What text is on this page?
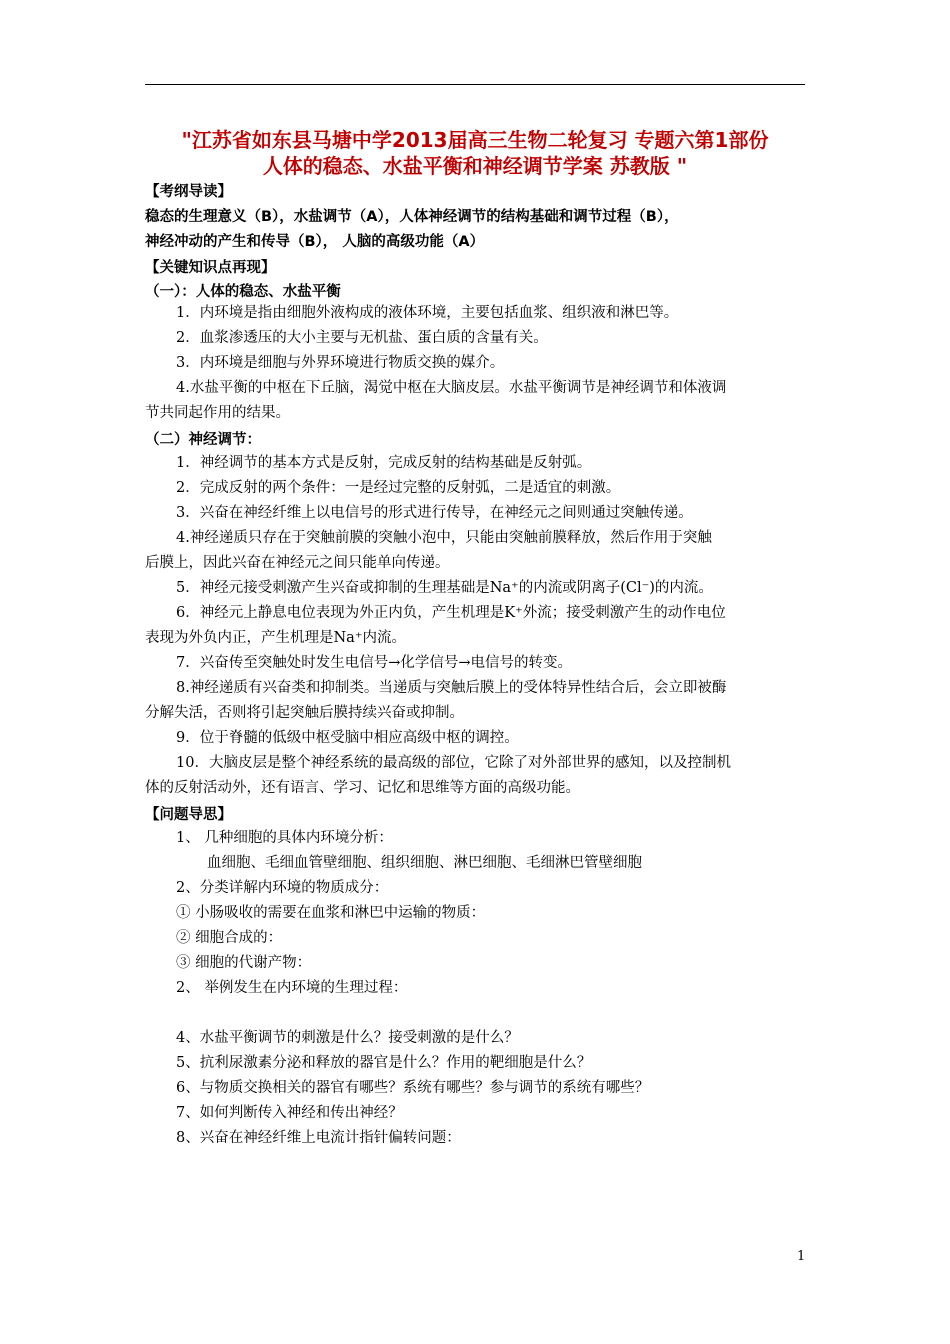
"江苏省如东县马塘中学2013届高三生物二轮复习 专题六第1部份
人体的稳态、水盐平衡和神经调节学案 苏教版 "
【考纲导读】
稳态的生理意义（B），水盐调节（A），人体神经调节的结构基础和调节过程（B），
神经冲动的产生和传导（B）， 人脑的高级功能（A）
【关键知识点再现】
（一）：人体的稳态、水盐平衡
1．内环境是指由细胞外液构成的液体环境，主要包括血浆、组织液和淋巴等。
2．血浆渗透压的大小主要与无机盐、蛋白质的含量有关。
3．内环境是细胞与外界环境进行物质交换的媒介。
4.水盐平衡的中枢在下丘脑，渴觉中枢在大脑皮层。水盐平衡调节是神经调节和体液调
节共同起作用的结果。
（二）神经调节：
1．神经调节的基本方式是反射，完成反射的结构基础是反射弧。
2．完成反射的两个条件：一是经过完整的反射弧，二是适宜的刺激。
3．兴奋在神经纤维上以电信号的形式进行传导，在神经元之间则通过突触传递。
4.神经递质只存在于突触前膜的突触小泡中，只能由突触前膜释放，然后作用于突触
后膜上，因此兴奋在神经元之间只能单向传递。
5．神经元接受刺激产生兴奋或抑制的生理基础是Na⁺的内流或阴离子(Cl⁻)的内流。
6．神经元上静息电位表现为外正内负，产生机理是K⁺外流；接受刺激产生的动作电位
表现为外负内正，产生机理是Na⁺内流。
7．兴奋传至突触处时发生电信号→化学信号→电信号的转变。
8.神经递质有兴奋类和抑制类。当递质与突触后膜上的受体特异性结合后，会立即被酶
分解失活，否则将引起突触后膜持续兴奋或抑制。
9．位于脊髓的低级中枢受脑中相应高级中枢的调控。
10．大脑皮层是整个神经系统的最高级的部位，它除了对外部世界的感知，以及控制机
体的反射活动外，还有语言、学习、记忆和思维等方面的高级功能。
【问题导思】
1、 几种细胞的具体内环境分析：
血细胞、毛细血管壁细胞、组织细胞、淋巴细胞、毛细淋巴管壁细胞
2、分类详解内环境的物质成分：
① 小肠吸收的需要在血浆和淋巴中运输的物质：
② 细胞合成的：
③ 细胞的代谢产物：
2、 举例发生在内环境的生理过程：
4、水盐平衡调节的刺激是什么？接受刺激的是什么？
5、抗利尿激素分泌和释放的器官是什么？作用的靶细胞是什么？
6、与物质交换相关的器官有哪些？系统有哪些？参与调节的系统有哪些？
7、如何判断传入神经和传出神经？
8、兴奋在神经纤维上电流计指针偏转问题：
1
